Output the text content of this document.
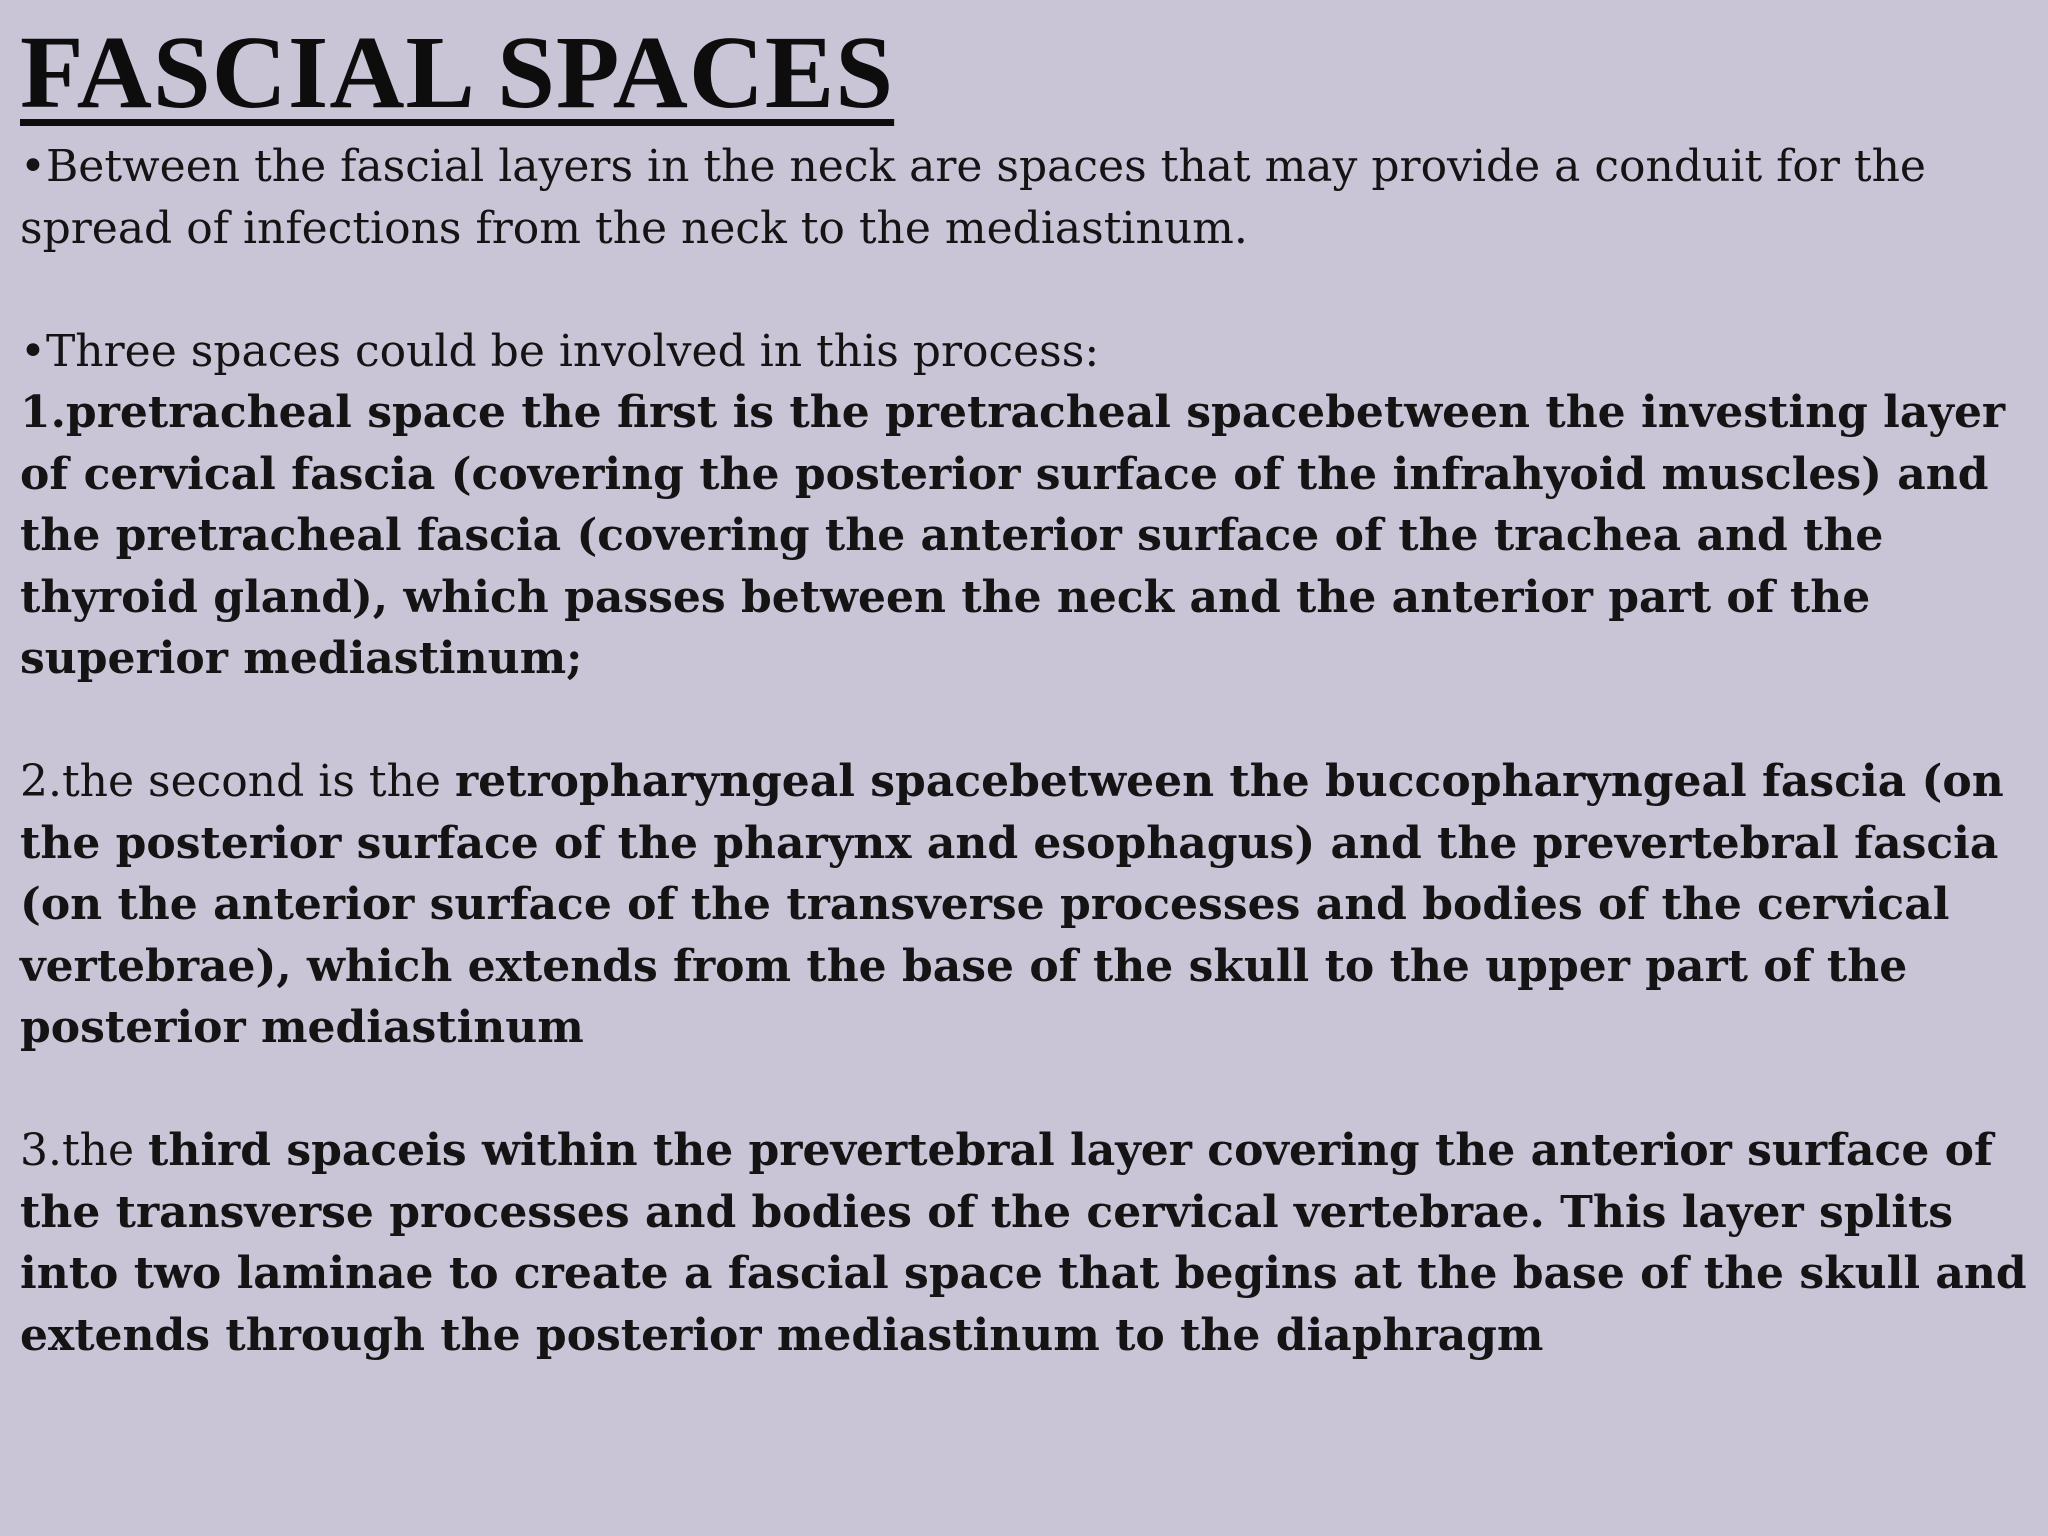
FASCIAL SPACES

•Between the fascial layers in the neck are spaces that may provide a conduit for the spread of infections from the neck to the mediastinum.

•Three spaces could be involved in this process:

1.pretracheal space the first is the pretracheal spacebetween the investing layer of cervical fascia (covering the posterior surface of the infrahyoid muscles) and the pretracheal fascia (covering the anterior surface of the trachea and the thyroid gland), which passes between the neck and the anterior part of the superior mediastinum;

2.the second is the retropharyngeal spacebetween the buccopharyngeal fascia (on the posterior surface of the pharynx and esophagus) and the prevertebral fascia (on the anterior surface of the transverse processes and bodies of the cervical vertebrae), which extends from the base of the skull to the upper part of the posterior mediastinum

3.the third spaceis within the prevertebral layer covering the anterior surface of the transverse processes and bodies of the cervical vertebrae. This layer splits into two laminae to create a fascial space that begins at the base of the skull and extends through the posterior mediastinum to the diaphragm
